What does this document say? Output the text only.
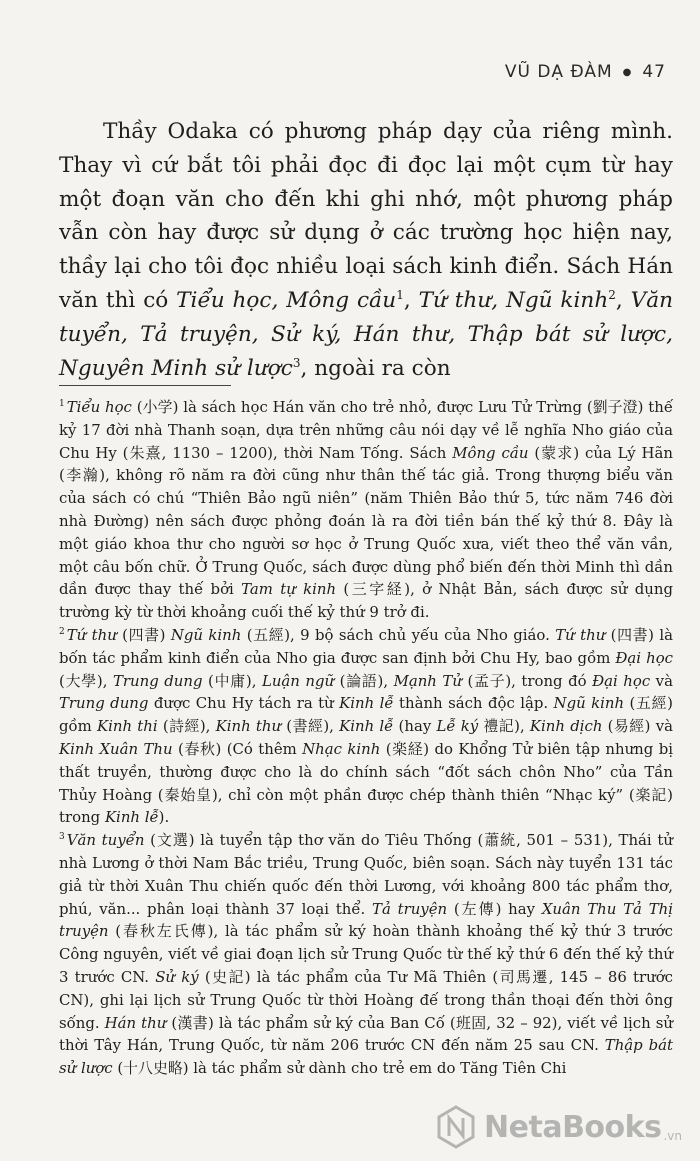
VŨ DẠ ĐÀM ● 47

Thầy Odaka có phương pháp dạy của riêng mình. Thay vì cứ bắt tôi phải đọc đi đọc lại một cụm từ hay một đoạn văn cho đến khi ghi nhớ, một phương pháp vẫn còn hay được sử dụng ở các trường học hiện nay, thầy lại cho tôi đọc nhiều loại sách kinh điển. Sách Hán văn thì có Tiểu học, Mông cầu$^1$, Tứ thư, Ngũ kinh$^2$, Văn tuyển, Tả truyện, Sử ký, Hán thư, Thập bát sử lược, Nguyên Minh sử lược$^3$, ngoài ra còn

$^1$ Tiểu học (小学) là sách học Hán văn cho trẻ nhỏ, được Lưu Tử Trừng (劉子澄) thế kỷ 17 đời nhà Thanh soạn, dựa trên những câu nói dạy về lễ nghĩa Nho giáo của Chu Hy (朱熹, 1130 – 1200), thời Nam Tống. Sách Mông cầu (蒙求) của Lý Hãn (李瀚), không rõ năm ra đời cũng như thân thế tác giả. Trong thượng biểu văn của sách có chú “Thiên Bảo ngũ niên” (năm Thiên Bảo thứ 5, tức năm 746 đời nhà Đường) nên sách được phỏng đoán là ra đời tiền bán thế kỷ thứ 8. Đây là một giáo khoa thư cho người sơ học ở Trung Quốc xưa, viết theo thể văn vần, một câu bốn chữ. Ở Trung Quốc, sách được dùng phổ biến đến thời Minh thì dần dần được thay thế bởi Tam tự kinh (三字経), ở Nhật Bản, sách được sử dụng trường kỳ từ thời khoảng cuối thế kỷ thứ 9 trở đi.

$^2$ Tứ thư (四書) Ngũ kinh (五經), 9 bộ sách chủ yếu của Nho giáo. Tứ thư (四書) là bốn tác phẩm kinh điển của Nho gia được san định bởi Chu Hy, bao gồm Đại học (大學), Trung dung (中庸), Luận ngữ (論語), Mạnh Tử (孟子), trong đó Đại học và Trung dung được Chu Hy tách ra từ Kinh lễ thành sách độc lập. Ngũ kinh (五經) gồm Kinh thi (詩經), Kinh thư (書經), Kinh lễ (hay Lễ ký 禮記), Kinh dịch (易經) và Kinh Xuân Thu (春秋) (Có thêm Nhạc kinh (楽経) do Khổng Tử biên tập nhưng bị thất truyền, thường được cho là do chính sách “đốt sách chôn Nho” của Tần Thủy Hoàng (秦始皇), chỉ còn một phần được chép thành thiên “Nhạc ký” (楽記) trong Kinh lễ).

$^3$ Văn tuyển (文選) là tuyển tập thơ văn do Tiêu Thống (蕭統, 501 – 531), Thái tử nhà Lương ở thời Nam Bắc triều, Trung Quốc, biên soạn. Sách này tuyển 131 tác giả từ thời Xuân Thu chiến quốc đến thời Lương, với khoảng 800 tác phẩm thơ, phú, văn... phân loại thành 37 loại thể. Tả truyện (左傳) hay Xuân Thu Tả Thị truyện (春秋左氏傳), là tác phẩm sử ký hoàn thành khoảng thế kỷ thứ 3 trước Công nguyên, viết về giai đoạn lịch sử Trung Quốc từ thế kỷ thứ 6 đến thế kỷ thứ 3 trước CN. Sử ký (史記) là tác phẩm của Tư Mã Thiên (司馬遷, 145 – 86 trước CN), ghi lại lịch sử Trung Quốc từ thời Hoàng đế trong thần thoại đến thời ông sống. Hán thư (漢書) là tác phẩm sử ký của Ban Cố (班固, 32 – 92), viết về lịch sử thời Tây Hán, Trung Quốc, từ năm 206 trước CN đến năm 25 sau CN. Thập bát sử lược (十八史略) là tác phẩm sử dành cho trẻ em do Tăng Tiên Chi

NetaBooks .vn
